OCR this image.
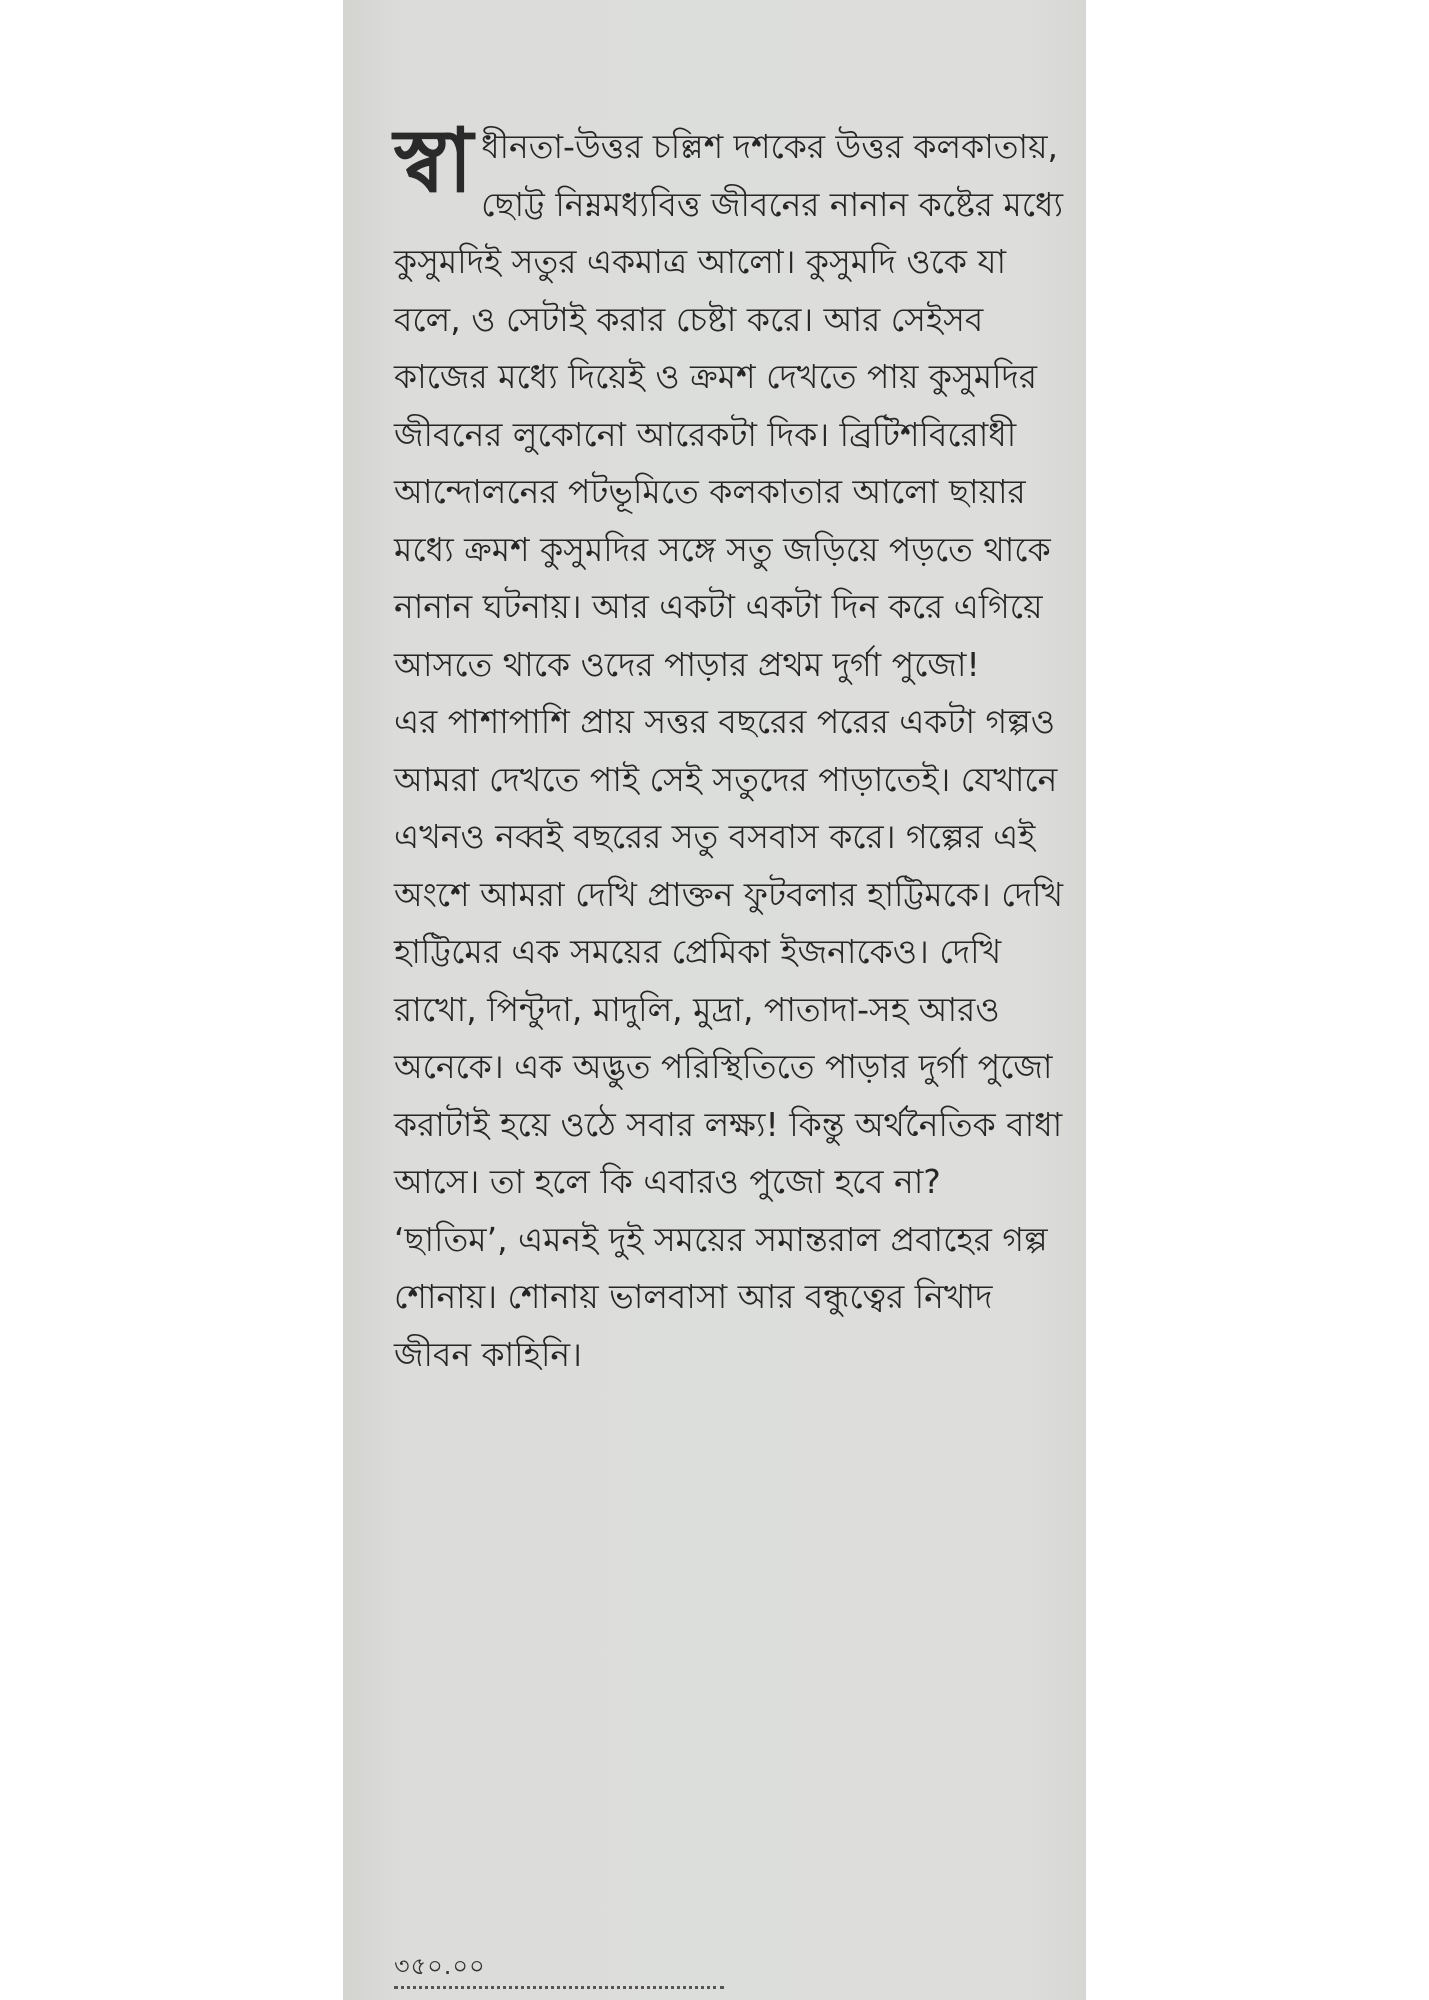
স্বা ধীনতা-উত্তর চল্লিশ দশকের উত্তর কলকাতায়, ছোট্ট নিম্নমধ্যবিত্ত জীবনের নানান কষ্টের মধ্যে কুসুমদিই সতুর একমাত্র আলো। কুসুমদি ওকে যা বলে, ও সেটাই করার চেষ্টা করে। আর সেইসব কাজের মধ্যে দিয়েই ও ক্রমশ দেখতে পায় কুসুমদির জীবনের লুকোনো আরেকটা দিক। ব্রিটিশবিরোধী আন্দোলনের পটভূমিতে কলকাতার আলো ছায়ার মধ্যে ক্রমশ কুসুমদির সঙ্গে সতু জড়িয়ে পড়তে থাকে নানান ঘটনায়। আর একটা একটা দিন করে এগিয়ে আসতে থাকে ওদের পাড়ার প্রথম দুর্গা পুজো!

এর পাশাপাশি প্রায় সত্তর বছরের পরের একটা গল্পও আমরা দেখতে পাই সেই সতুদের পাড়াতেই। যেখানে এখনও নব্বই বছরের সতু বসবাস করে। গল্পের এই অংশে আমরা দেখি প্রাক্তন ফুটবলার হাট্টিমকে। দেখি হাট্টিমের এক সময়ের প্রেমিকা ইজনাকেও। দেখি রাখো, পিন্টুদা, মাদুলি, মুদ্রা, পাতাদা-সহ আরও অনেকে। এক অদ্ভুত পরিস্থিতিতে পাড়ার দুর্গা পুজো করাটাই হয়ে ওঠে সবার লক্ষ্য! কিন্তু অর্থনৈতিক বাধা আসে। তা হলে কি এবারও পুজো হবে না?

‘ছাতিম’, এমনই দুই সময়ের সমান্তরাল প্রবাহের গল্প শোনায়। শোনায় ভালবাসা আর বন্ধুত্বের নিখাদ জীবন কাহিনি।

৩৫০.০০
